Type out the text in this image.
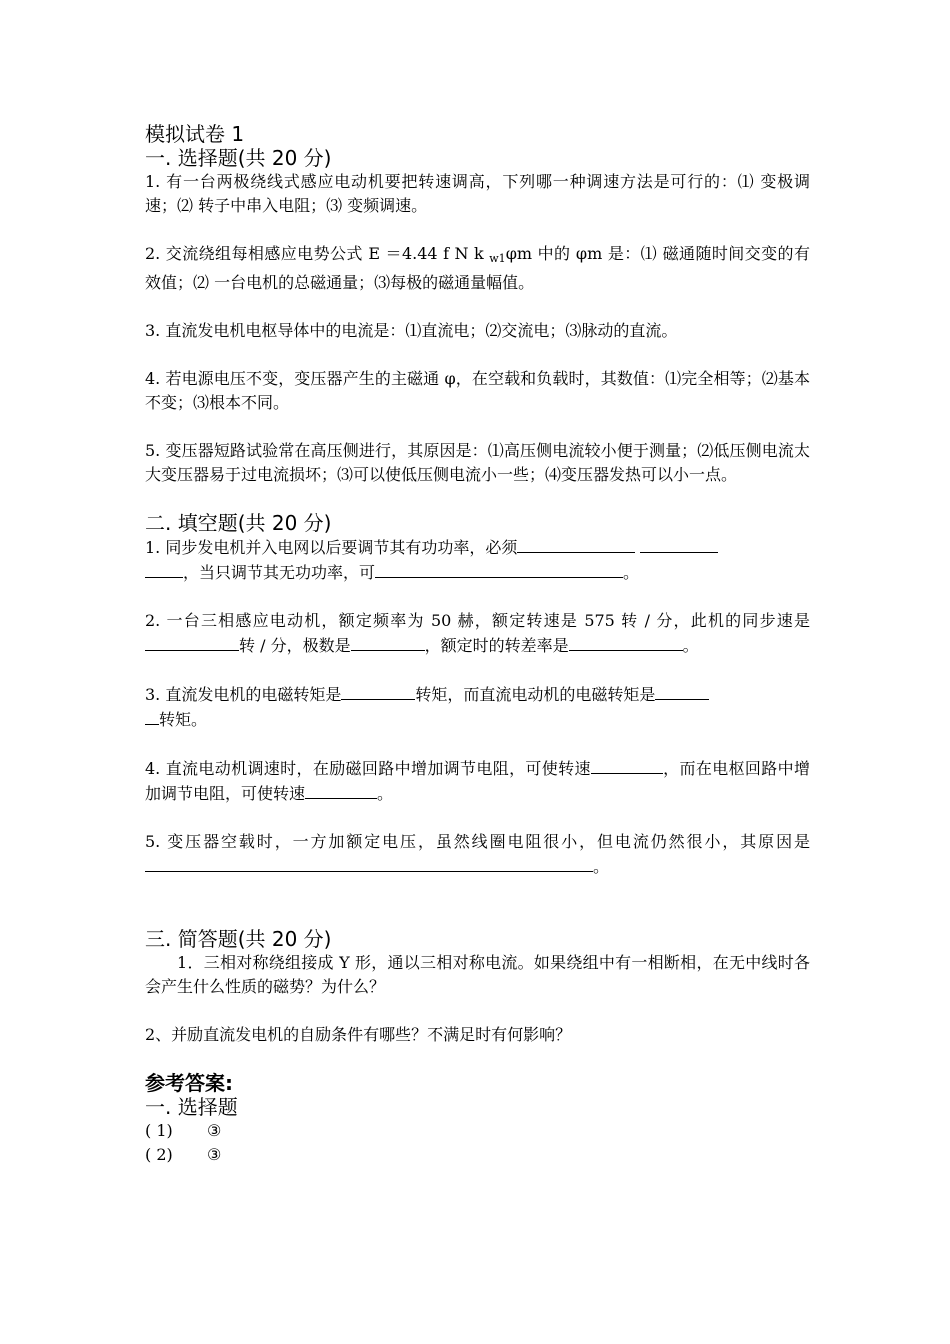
模拟试卷 1

一. 选择题(共 20 分)

1. 有一台两极绕线式感应电动机要把转速调高，下列哪一种调速方法是可行的：⑴ 变极调速；⑵ 转子中串入电阻；⑶ 变频调速。

2. 交流绕组每相感应电势公式 E ＝4.44 f N k $_{w1}$φm 中的 φm 是：⑴ 磁通随时间交变的有效值；⑵ 一台电机的总磁通量；⑶每极的磁通量幅值。

3. 直流发电机电枢导体中的电流是：⑴直流电；⑵交流电；⑶脉动的直流。

4. 若电源电压不变，变压器产生的主磁通 φ，在空载和负载时，其数值：⑴完全相等；⑵基本不变；⑶根本不同。

5. 变压器短路试验常在高压侧进行，其原因是：⑴高压侧电流较小便于测量；⑵低压侧电流太大变压器易于过电流损坏；⑶可以使低压侧电流小一些；⑷变压器发热可以小一点。

二. 填空题(共 20 分)

1. 同步发电机并入电网以后要调节其有功功率，必须
，当只调节其无功功率，可	。

2. 一台三相感应电动机，额定频率为 50 赫，额定转速是 575 转 / 分，此机的同步速是转 / 分，极数是	，额定时的转差率是	。

3. 直流发电机的电磁转矩是	转矩，而直流电动机的电磁转矩是
转矩。

4. 直流电动机调速时，在励磁回路中增加调节电阻，可使转速	，而在电枢回路中增加调节电阻，可使转速	。

5. 变压器空载时，一方加额定电压，虽然线圈电阻很小，但电流仍然很小，其原因是。

三. 简答题(共 20 分)

1．三相对称绕组接成 Y 形，通以三相对称电流。如果绕组中有一相断相，在无中线时各会产生什么性质的磁势？为什么？

2、并励直流发电机的自励条件有哪些？不满足时有何影响？

参考答案:

一. 选择题

( 1) ③

( 2) ③
